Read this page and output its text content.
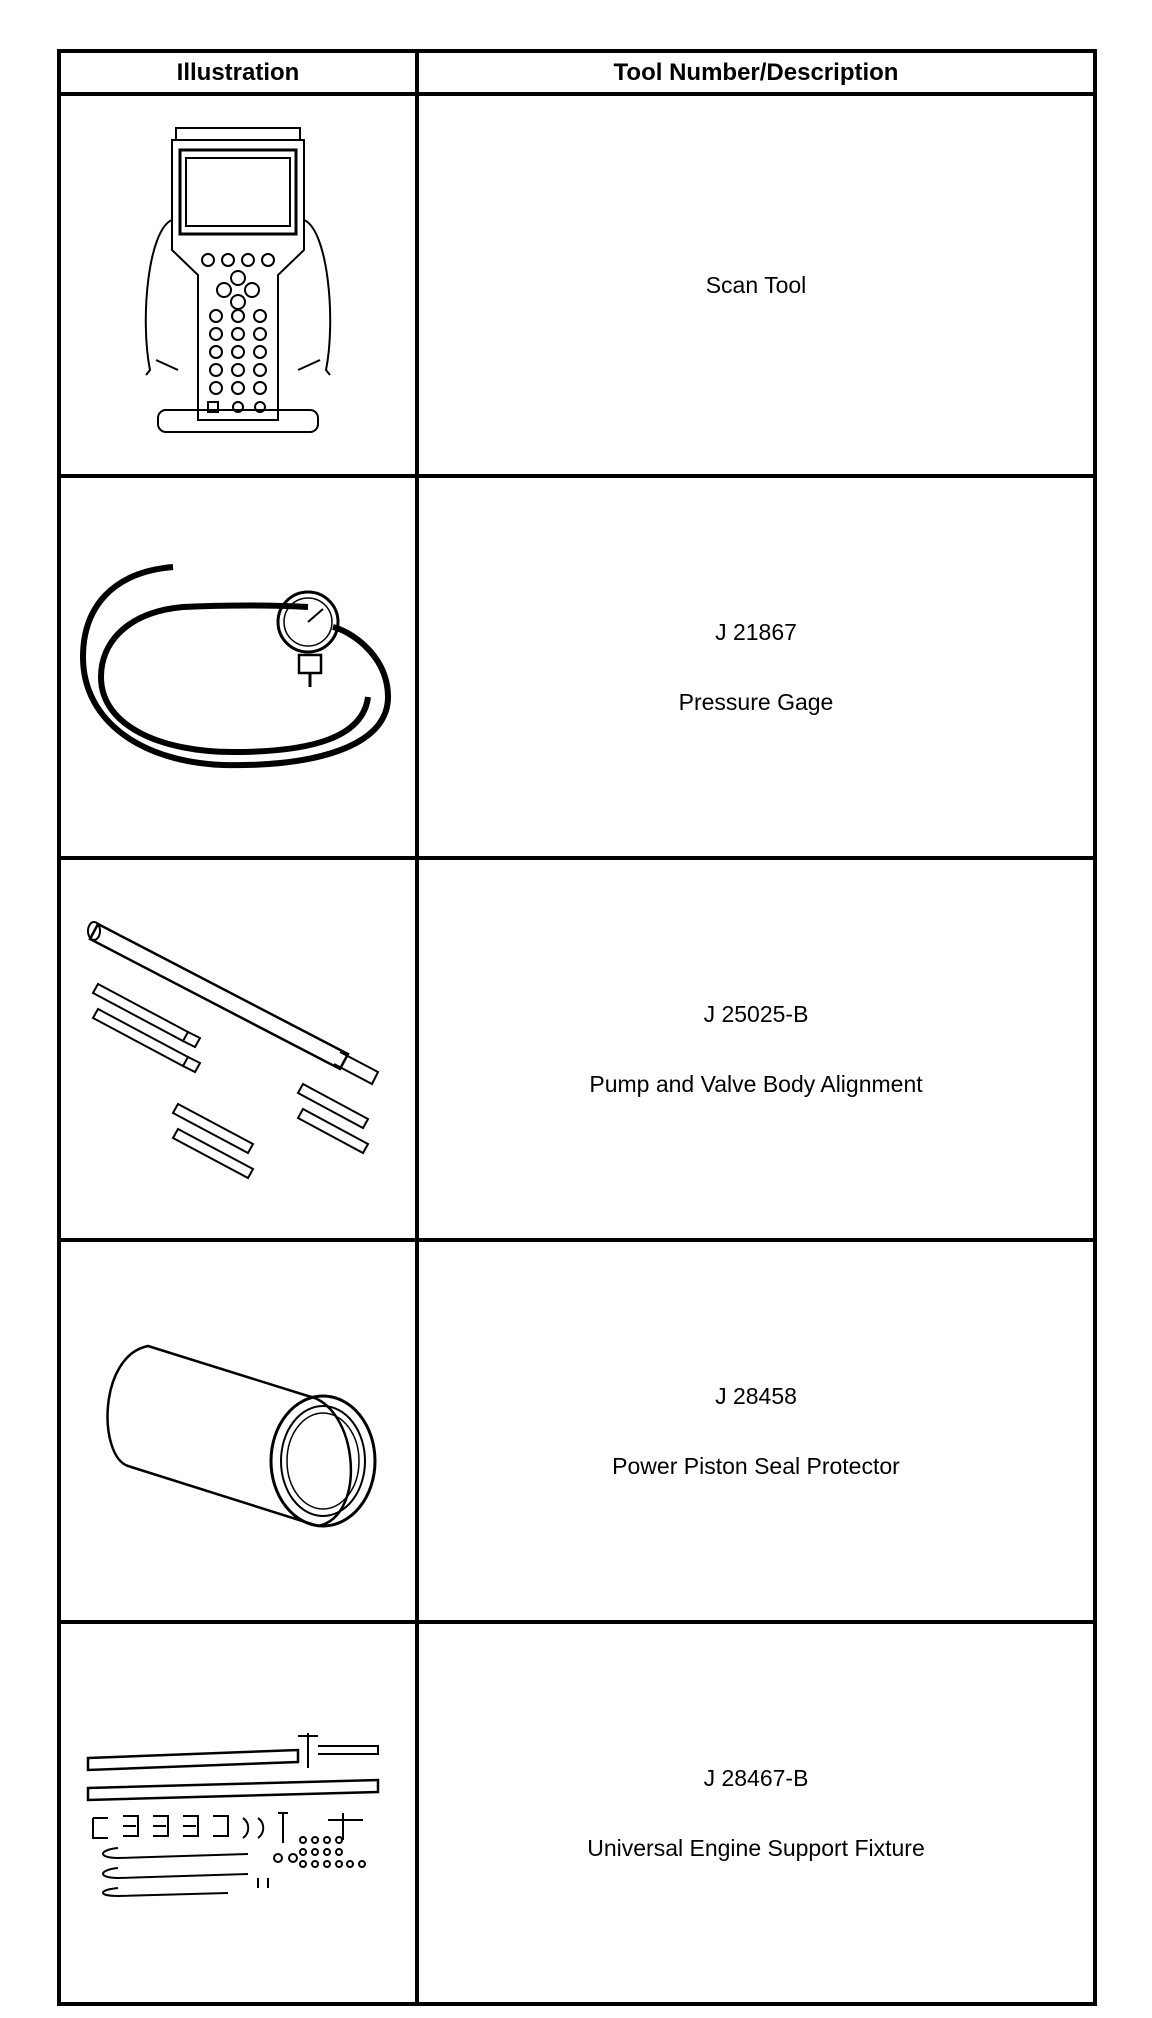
Illustration	Tool Number/Description

Scan Tool

J 21867
Pressure Gage

J 25025-B
Pump and Valve Body Alignment

J 28458
Power Piston Seal Protector

J 28467-B
Universal Engine Support Fixture
